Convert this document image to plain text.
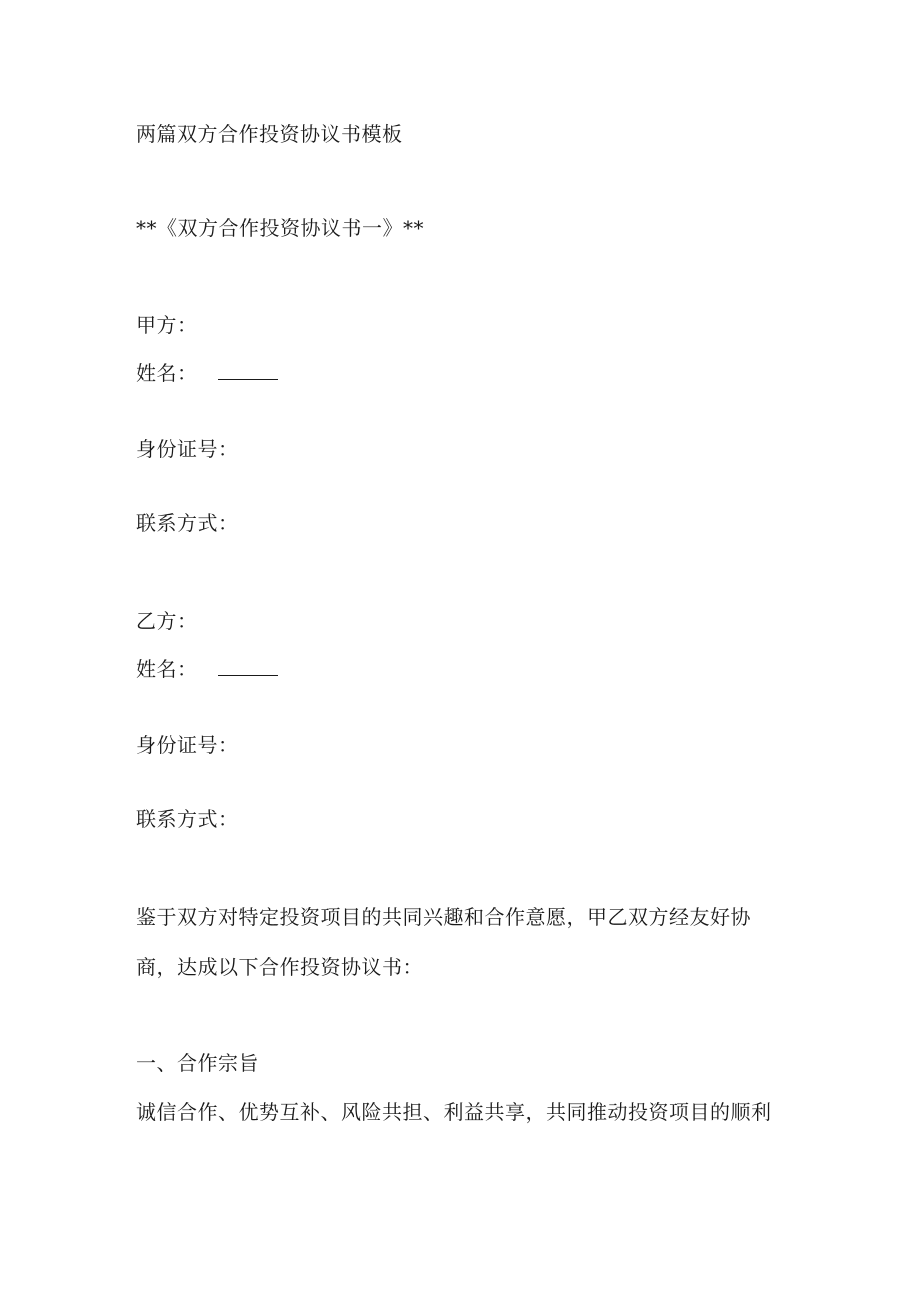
两篇双方合作投资协议书模板
**《双方合作投资协议书一》**
甲方：
姓名：
身份证号：
联系方式：
乙方：
姓名：
身份证号：
联系方式：
鉴于双方对特定投资项目的共同兴趣和合作意愿，甲乙双方经友好协
商，达成以下合作投资协议书：
一、合作宗旨
诚信合作、优势互补、风险共担、利益共享，共同推动投资项目的顺利
